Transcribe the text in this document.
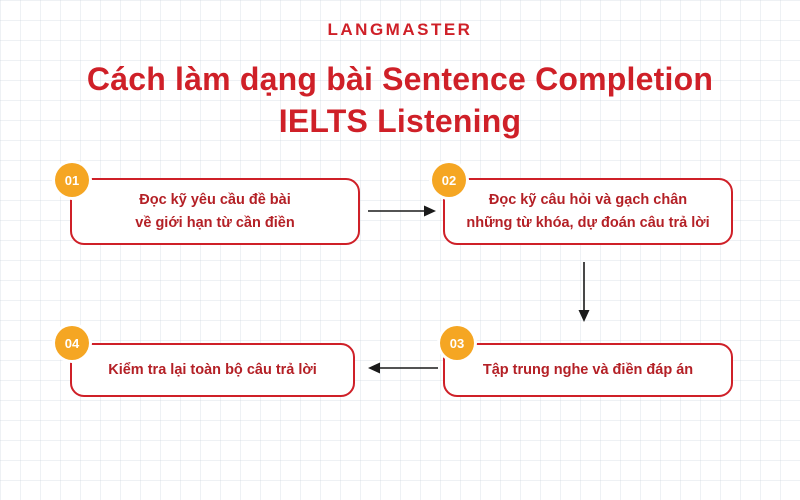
LANGMASTER
Cách làm dạng bài Sentence Completion
IELTS Listening
Đọc kỹ yêu cầu đề bài
về giới hạn từ cần điền
01
Đọc kỹ câu hỏi và gạch chân
những từ khóa, dự đoán câu trả lời
02
Tập trung nghe và điền đáp án
03
Kiểm tra lại toàn bộ câu trả lời
04
